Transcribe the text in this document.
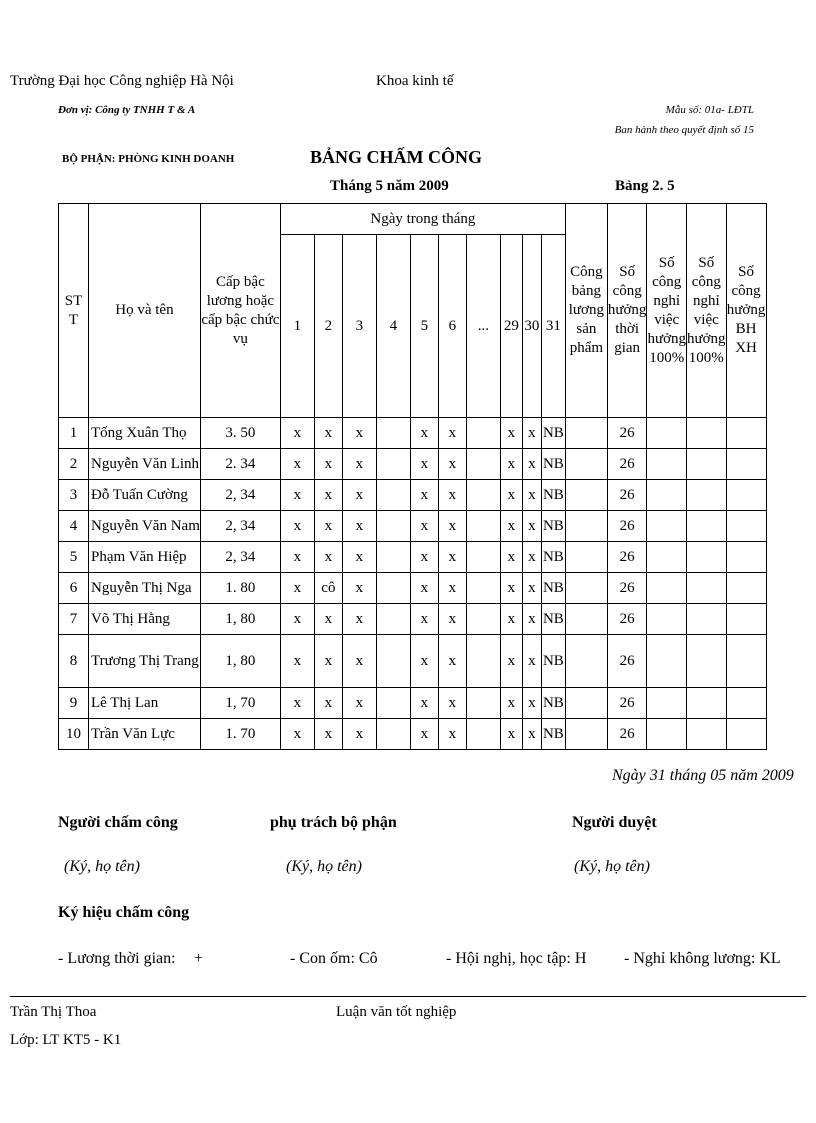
Trường Đại học Công nghiệp Hà Nội	Khoa kinh tế
Đơn vị: Công ty TNHH T & A	Mẫu số: 01a- LĐTL
Ban hành theo quyết định số 15
BỘ PHẬN: PHÒNG KINH DOANH	BẢNG CHẤM CÔNG
Tháng 5 năm 2009	Bảng 2. 5
ST T	Họ và tên	Cấp bậc lương hoặc cấp bậc chức vụ	Ngày trong tháng										Công bảng lương sản phẩm	Số công hưởng thời gian	Số công nghỉ việc hưởng 100%	Số công nghỉ việc hưởng 100%	Số công hưởng BH XH
			1	2	3	4	5	6	...	29	30	31					
1	Tống Xuân Thọ	3. 50	x	x	x		x	x		x	x	NB		26			
2	Nguyễn Văn Linh	2. 34	x	x	x		x	x		x	x	NB		26			
3	Đỗ Tuấn Cường	2, 34	x	x	x		x	x		x	x	NB		26			
4	Nguyễn Văn Nam	2, 34	x	x	x		x	x		x	x	NB		26			
5	Phạm Văn Hiệp	2, 34	x	x	x		x	x		x	x	NB		26			
6	Nguyễn Thị Nga	1. 80	x	cô	x		x	x		x	x	NB		26			
7	Võ Thị Hằng	1, 80	x	x	x		x	x		x	x	NB		26			
8	Trương Thị Trang	1, 80	x	x	x		x	x		x	x	NB		26			
9	Lê Thị Lan	1, 70	x	x	x		x	x		x	x	NB		26			
10	Trần Văn Lực	1. 70	x	x	x		x	x		x	x	NB		26			
Ngày 31 tháng 05 năm 2009
Người chấm công	phụ trách bộ phận	Người duyệt
(Ký, họ tên)	(Ký, họ tên)	(Ký, họ tên)
Ký hiệu chấm công
- Lương thời gian: +	- Con ốm: Cô	- Hội nghị, học tập: H - Nghỉ không lương: KL
Trần Thị Thoa	Luận văn tốt nghiệp
Lớp: LT KT5 - K1
